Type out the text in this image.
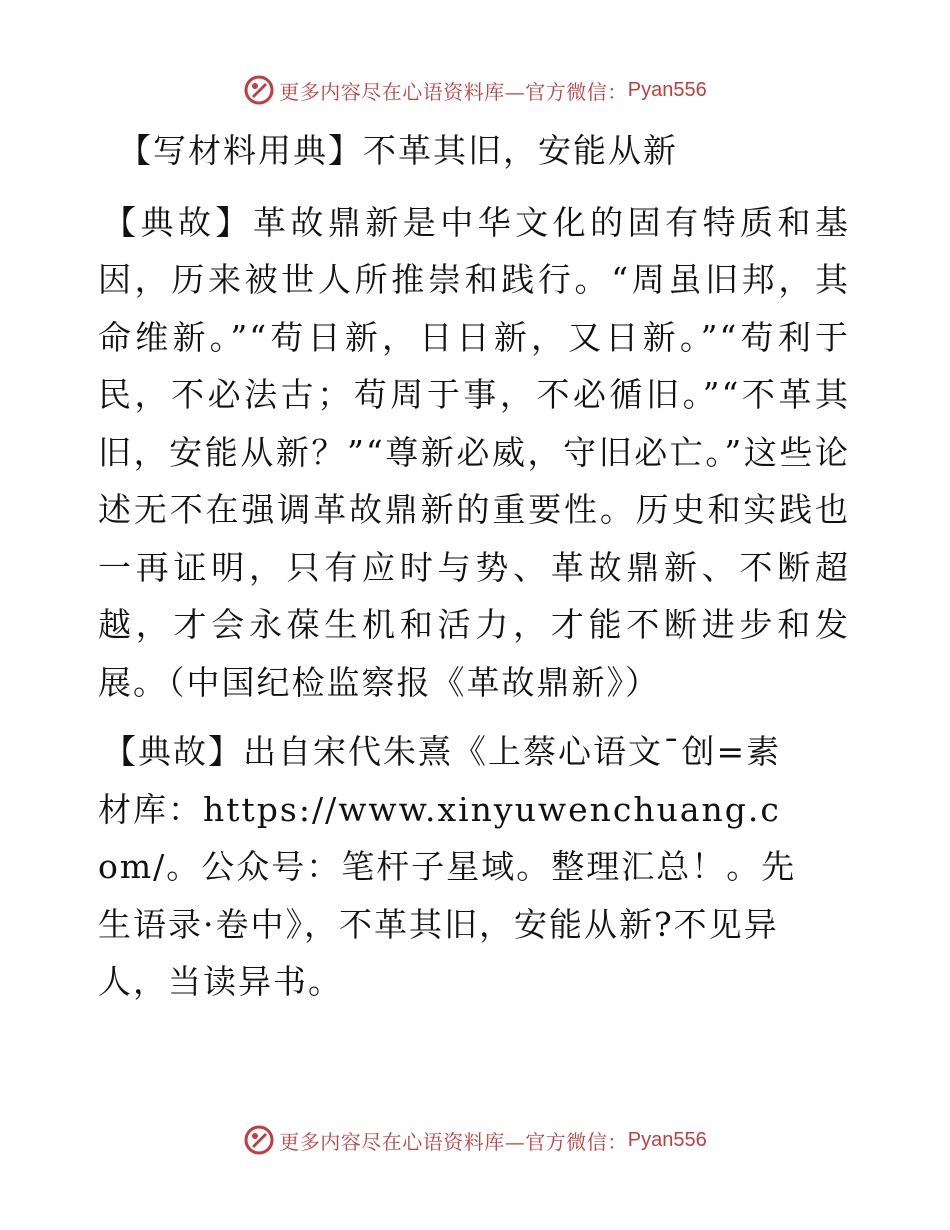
更多内容尽在心语资料库—官方微信： Pyan556

【写材料用典】不革其旧，安能从新

【典故】革故鼎新是中华文化的固有特质和基因，历来被世人所推崇和践行。“周虽旧邦，其命维新。”“苟日新，日日新，又日新。”“苟利于民，不必法古；苟周于事，不必循旧。”“不革其旧，安能从新？”“尊新必威，守旧必亡。”这些论述无不在强调革故鼎新的重要性。历史和实践也一再证明，只有应时与势、革故鼎新、不断超越，才会永葆生机和活力，才能不断进步和发展。（中国纪检监察报《革故鼎新》）

【典故】出自宋代朱熹《上蔡心语文¯创=素材库：https://www.xinyuwenchuang.com/。公众号：笔杆子星域。整理汇总！。先生语录·卷中》，不革其旧，安能从新?不见异人，当读异书。

更多内容尽在心语资料库—官方微信： Pyan556
